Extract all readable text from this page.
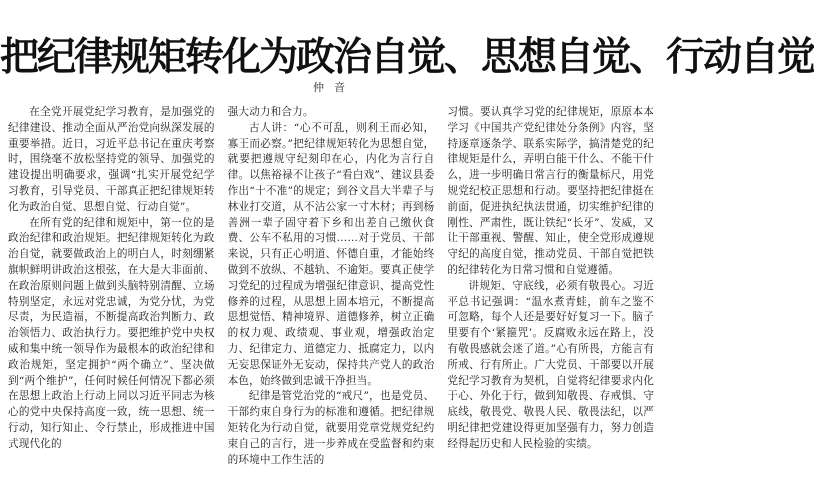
把纪律规矩转化为政治自觉、思想自觉、行动自觉
仲音

在全党开展党纪学习教育，是加强党的纪律建设、推动全面从严治党向纵深发展的重要举措。近日，习近平总书记在重庆考察时，围绕毫不放松坚持党的领导、加强党的建设提出明确要求，强调“扎实开展党纪学习教育，引导党员、干部真正把纪律规矩转化为政治自觉、思想自觉、行动自觉”。

在所有党的纪律和规矩中，第一位的是政治纪律和政治规矩。把纪律规矩转化为政治自觉，就要做政治上的明白人，时刻绷紧旗帜鲜明讲政治这根弦，在大是大非面前、在政治原则问题上做到头脑特别清醒、立场特别坚定，永远对党忠诚，为党分忧，为党尽责，为民造福，不断提高政治判断力、政治领悟力、政治执行力。要把维护党中央权威和集中统一领导作为最根本的政治纪律和政治规矩，坚定拥护“两个确立”、坚决做到“两个维护”，任何时候任何情况下都必须在思想上政治上行动上同以习近平同志为核心的党中央保持高度一致，统一思想、统一行动，知行知止、令行禁止，形成推进中国式现代化的

强大动力和合力。

古人讲：“心不可乱，则利王而必知，寡王而必察。”把纪律规矩转化为思想自觉，就要把遵规守纪刻印在心，内化为言行自律。以焦裕禄不让孩子“看白戏”、建议县委作出“十不准”的规定；到谷文昌大半辈子与林业打交道，从不沾公家一寸木材；再到杨善洲一辈子固守着下乡和出差自己缴伙食费、公车不私用的习惯……对于党员、干部来说，只有正心明道、怀德自重，才能始终做到不放纵、不越轨、不逾矩。要真正使学习党纪的过程成为增强纪律意识、提高党性修养的过程，从思想上固本培元，不断提高思想觉悟、精神境界、道德修养，树立正确的权力观、政绩观、事业观，增强政治定力、纪律定力、道德定力、抵腐定力，以内无妄思保证外无妄动，保持共产党人的政治本色，始终做到忠诚干净担当。

纪律是管党治党的“戒尺”，也是党员、干部约束自身行为的标准和遵循。把纪律规矩转化为行动自觉，就要用党章党规党纪约束自己的言行，进一步养成在受监督和约束的环境中工作生活的

习惯。要认真学习党的纪律规矩，原原本本学习《中国共产党纪律处分条例》内容，坚持逐章逐条学、联系实际学，搞清楚党的纪律规矩是什么，弄明白能干什么、不能干什么，进一步明确日常言行的衡量标尺，用党规党纪校正思想和行动。要坚持把纪律挺在前面，促进执纪执法贯通，切实维护纪律的刚性、严肃性，既让铁纪“长牙”、发威，又让干部重视、警醒、知止，使全党形成遵规守纪的高度自觉，推动党员、干部自觉把铁的纪律转化为日常习惯和自觉遵循。

讲规矩、守底线，必须有敬畏心。习近平总书记强调：“温水煮青蛙，前车之鉴不可忽略，每个人还是要好好复习一下。脑子里要有个‘紧箍咒’。反腐败永远在路上，没有敬畏感就会迷了道。”心有所畏，方能言有所戒、行有所止。广大党员、干部要以开展党纪学习教育为契机，自觉将纪律要求内化于心、外化于行，做到知敬畏、存戒惧、守底线，敬畏党、敬畏人民、敬畏法纪，以严明纪律把党建设得更加坚强有力，努力创造经得起历史和人民检验的实绩。
